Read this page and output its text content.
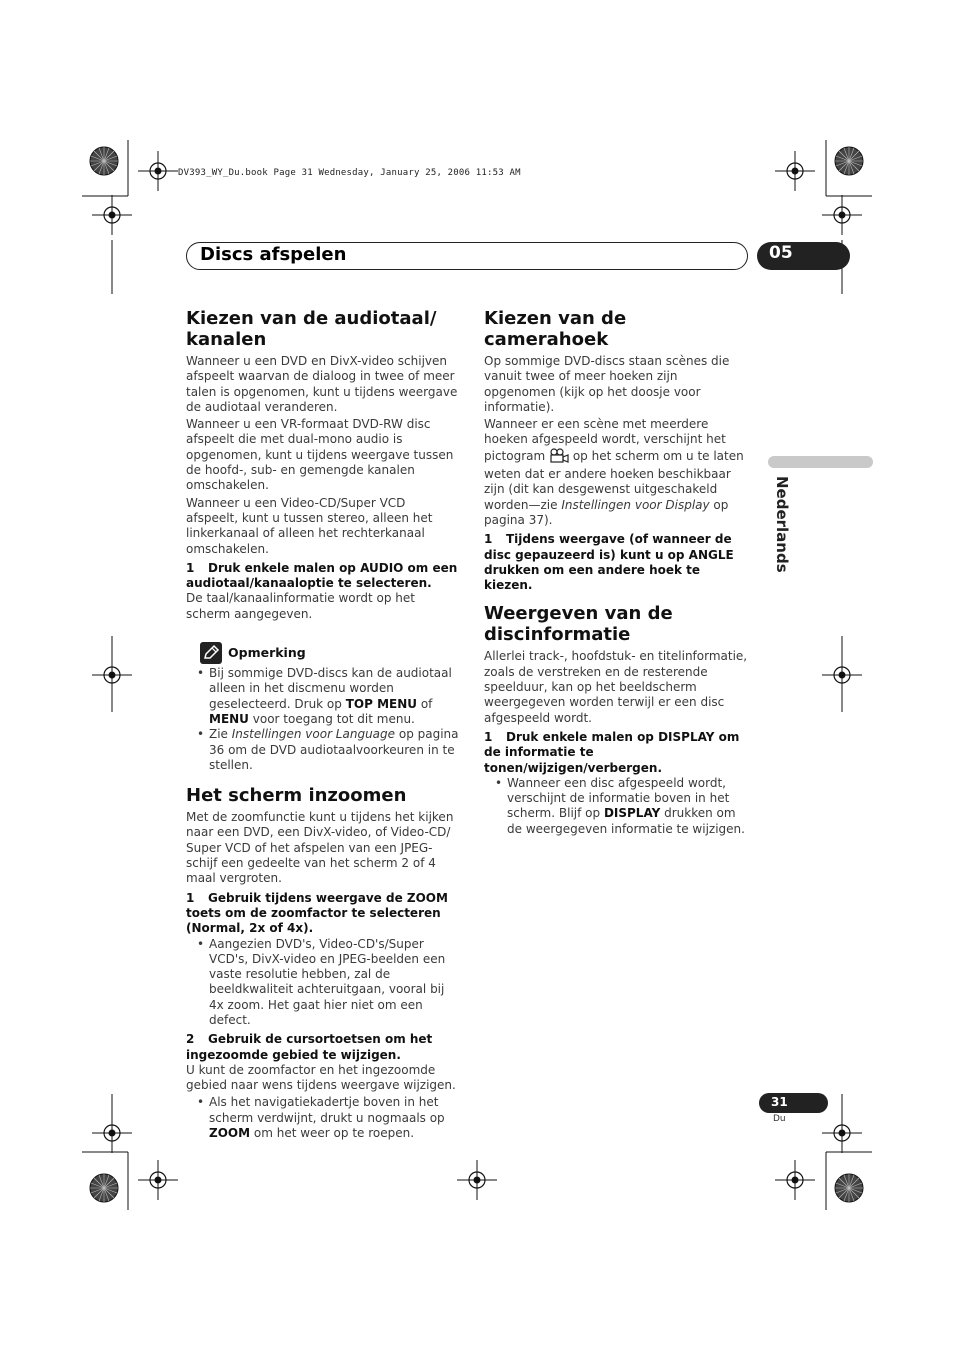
DV393_WY_Du.book Page 31 Wednesday, January 25, 2006 11:53 AM
Discs afspelen	05
Nederlands
Kiezen van de audiotaal/ kanalen

Wanneer u een DVD en DivX-video schijven afspeelt waarvan de dialoog in twee of meer talen is opgenomen, kunt u tijdens weergave de audiotaal veranderen.

Wanneer u een VR-formaat DVD-RW disc afspeelt die met dual-mono audio is opgenomen, kunt u tijdens weergave tussen de hoofd-, sub- en gemengde kanalen omschakelen.

Wanneer u een Video-CD/Super VCD afspeelt, kunt u tussen stereo, alleen het linkerkanaal of alleen het rechterkanaal omschakelen.

1 Druk enkele malen op AUDIO om een audiotaal/kanaaloptie te selecteren.

De taal/kanaalinformatie wordt op het scherm aangegeven.

Opmerking
• Bij sommige DVD-discs kan de audiotaal alleen in het discmenu worden geselecteerd. Druk op TOP MENU of MENU voor toegang tot dit menu.
• Zie Instellingen voor Language op pagina 36 om de DVD audiotaalvoorkeuren in te stellen.
Het scherm inzoomen

Met de zoomfunctie kunt u tijdens het kijken naar een DVD, een DivX-video, of Video-CD/ Super VCD of het afspelen van een JPEG-schijf een gedeelte van het scherm 2 of 4 maal vergroten.

1 Gebruik tijdens weergave de ZOOM toets om de zoomfactor te selecteren (Normal, 2x of 4x).
• Aangezien DVD's, Video-CD's/Super VCD's, DivX-video en JPEG-beelden een vaste resolutie hebben, zal de beeldkwaliteit achteruitgaan, vooral bij 4x zoom. Het gaat hier niet om een defect.
2 Gebruik de cursortoetsen om het ingezoomde gebied te wijzigen.

U kunt de zoomfactor en het ingezoomde gebied naar wens tijdens weergave wijzigen.

• Als het navigatiekadertje boven in het scherm verdwijnt, drukt u nogmaals op ZOOM om het weer op te roepen.
Kiezen van de camerahoek

Op sommige DVD-discs staan scènes die vanuit twee of meer hoeken zijn opgenomen (kijk op het doosje voor informatie).

Wanneer er een scène met meerdere hoeken afgespeeld wordt, verschijnt het pictogram  op het scherm om u te laten weten dat er andere hoeken beschikbaar zijn (dit kan desgewenst uitgeschakeld worden—zie Instellingen voor Display op pagina 37).

1 Tijdens weergave (of wanneer de disc gepauzeerd is) kunt u op ANGLE drukken om een andere hoek te kiezen.
Weergeven van de discinformatie

Allerlei track-, hoofdstuk- en titelinformatie, zoals de verstreken en de resterende speelduur, kan op het beeldscherm weergegeven worden terwijl er een disc afgespeeld wordt.

1 Druk enkele malen op DISPLAY om de informatie te tonen/wijzigen/verbergen.
• Wanneer een disc afgespeeld wordt, verschijnt de informatie boven in het scherm. Blijf op DISPLAY drukken om de weergegeven informatie te wijzigen.
31
Du
